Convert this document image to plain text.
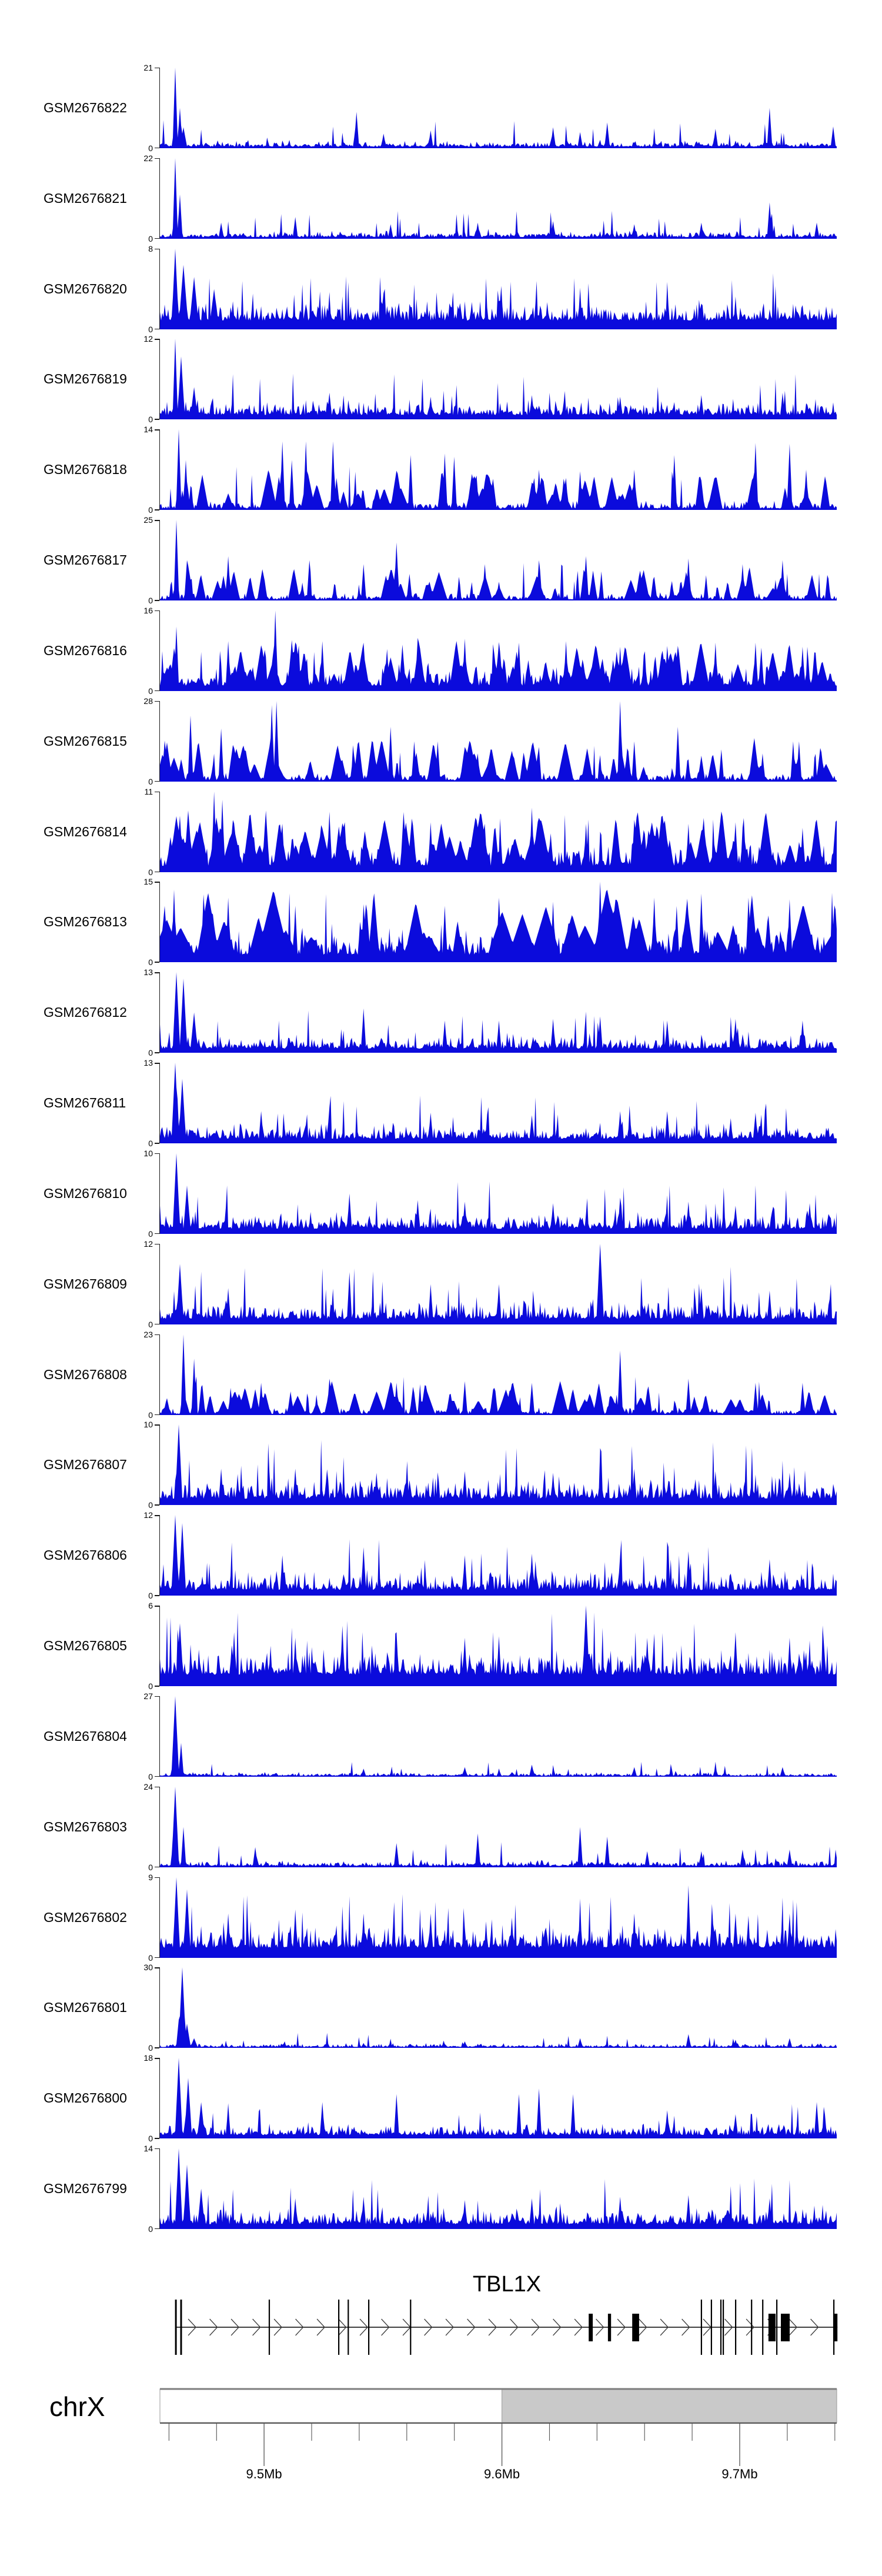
TBL1X
chrX
9.5Mb	9.6Mb	9.7Mb
GSM2676822
21
0
GSM2676821
22
0
GSM2676820
8
0
GSM2676819
12
0
GSM2676818
14
0
GSM2676817
25
0
GSM2676816
16
0
GSM2676815
28
0
GSM2676814
11
0
GSM2676813
15
0
GSM2676812
13
0
GSM2676811
13
0
GSM2676810
10
0
GSM2676809
12
0
GSM2676808
23
0
GSM2676807
10
0
GSM2676806
12
0
GSM2676805
6
0
GSM2676804
27
0
GSM2676803
24
0
GSM2676802
9
0
GSM2676801
30
0
GSM2676800
18
0
GSM2676799
14
0
